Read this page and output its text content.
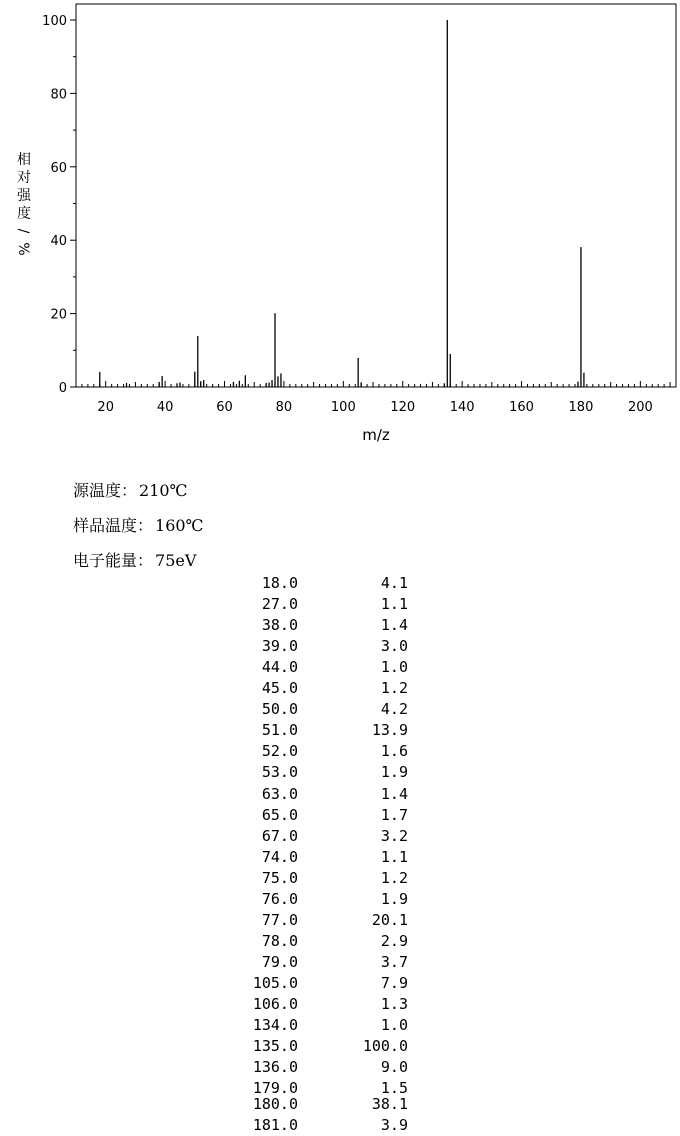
20	40	60	80	100	120	140	160	180	200
0
20
40
60
80
100
m/z
相
对
强
度
/
%
源温度： 210℃
样品温度： 160℃
电子能量： 75eV
18.0	4.1
27.0	1.1
38.0	1.4
39.0	3.0
44.0	1.0
45.0	1.2
50.0	4.2
51.0	13.9
52.0	1.6
53.0	1.9
63.0	1.4
65.0	1.7
67.0	3.2
74.0	1.1
75.0	1.2
76.0	1.9
77.0	20.1
78.0	2.9
79.0	3.7
105.0	7.9
106.0	1.3
134.0	1.0
135.0	100.0
136.0	9.0
179.0	1.5
180.0	38.1
181.0	3.9
